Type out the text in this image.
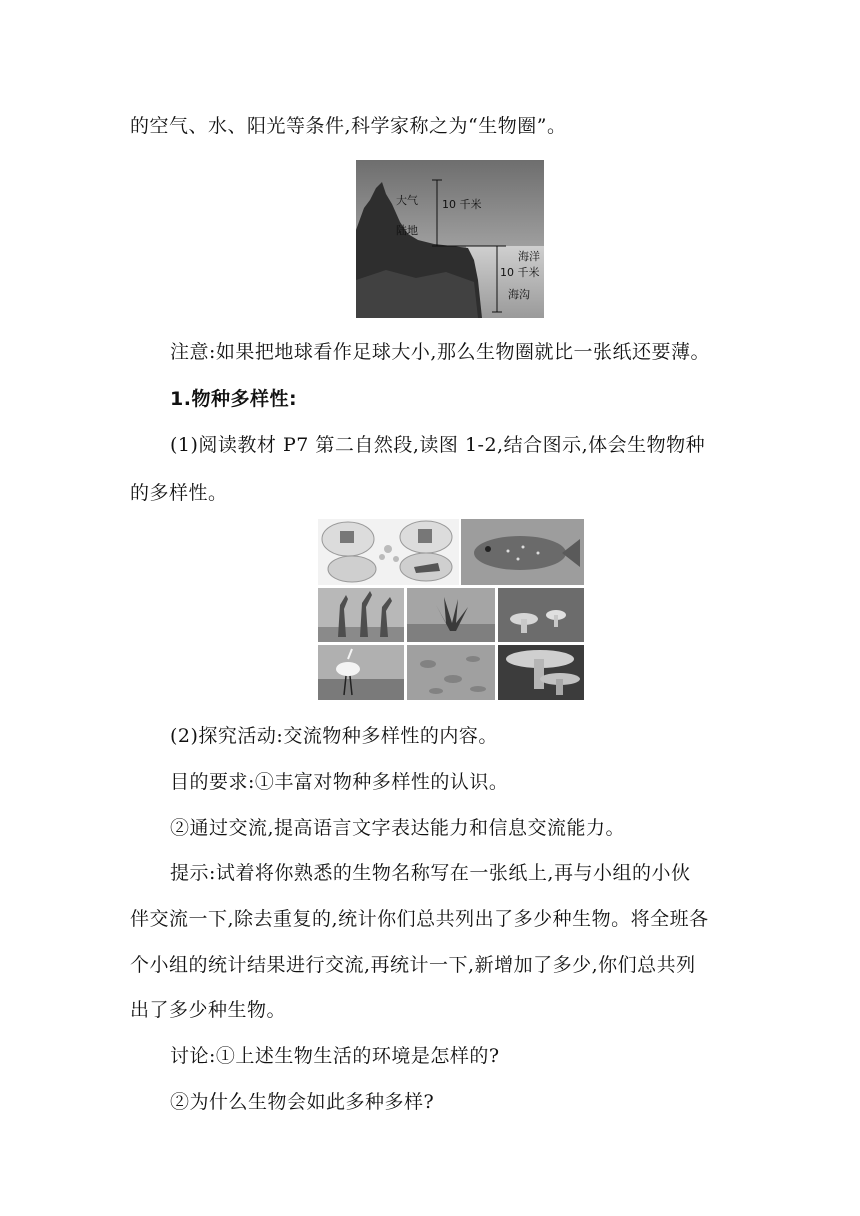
的空气、水、阳光等条件,科学家称之为“生物圈”。
大气
陆地
10 千米
海洋
10 千米
海沟
注意:如果把地球看作足球大小,那么生物圈就比一张纸还要薄。
1.物种多样性:
(1)阅读教材 P7 第二自然段,读图 1-2,结合图示,体会生物物种
的多样性。
(2)探究活动:交流物种多样性的内容。
目的要求:①丰富对物种多样性的认识。
②通过交流,提高语言文字表达能力和信息交流能力。
提示:试着将你熟悉的生物名称写在一张纸上,再与小组的小伙
伴交流一下,除去重复的,统计你们总共列出了多少种生物。将全班各
个小组的统计结果进行交流,再统计一下,新增加了多少,你们总共列
出了多少种生物。
讨论:①上述生物生活的环境是怎样的?
②为什么生物会如此多种多样?
